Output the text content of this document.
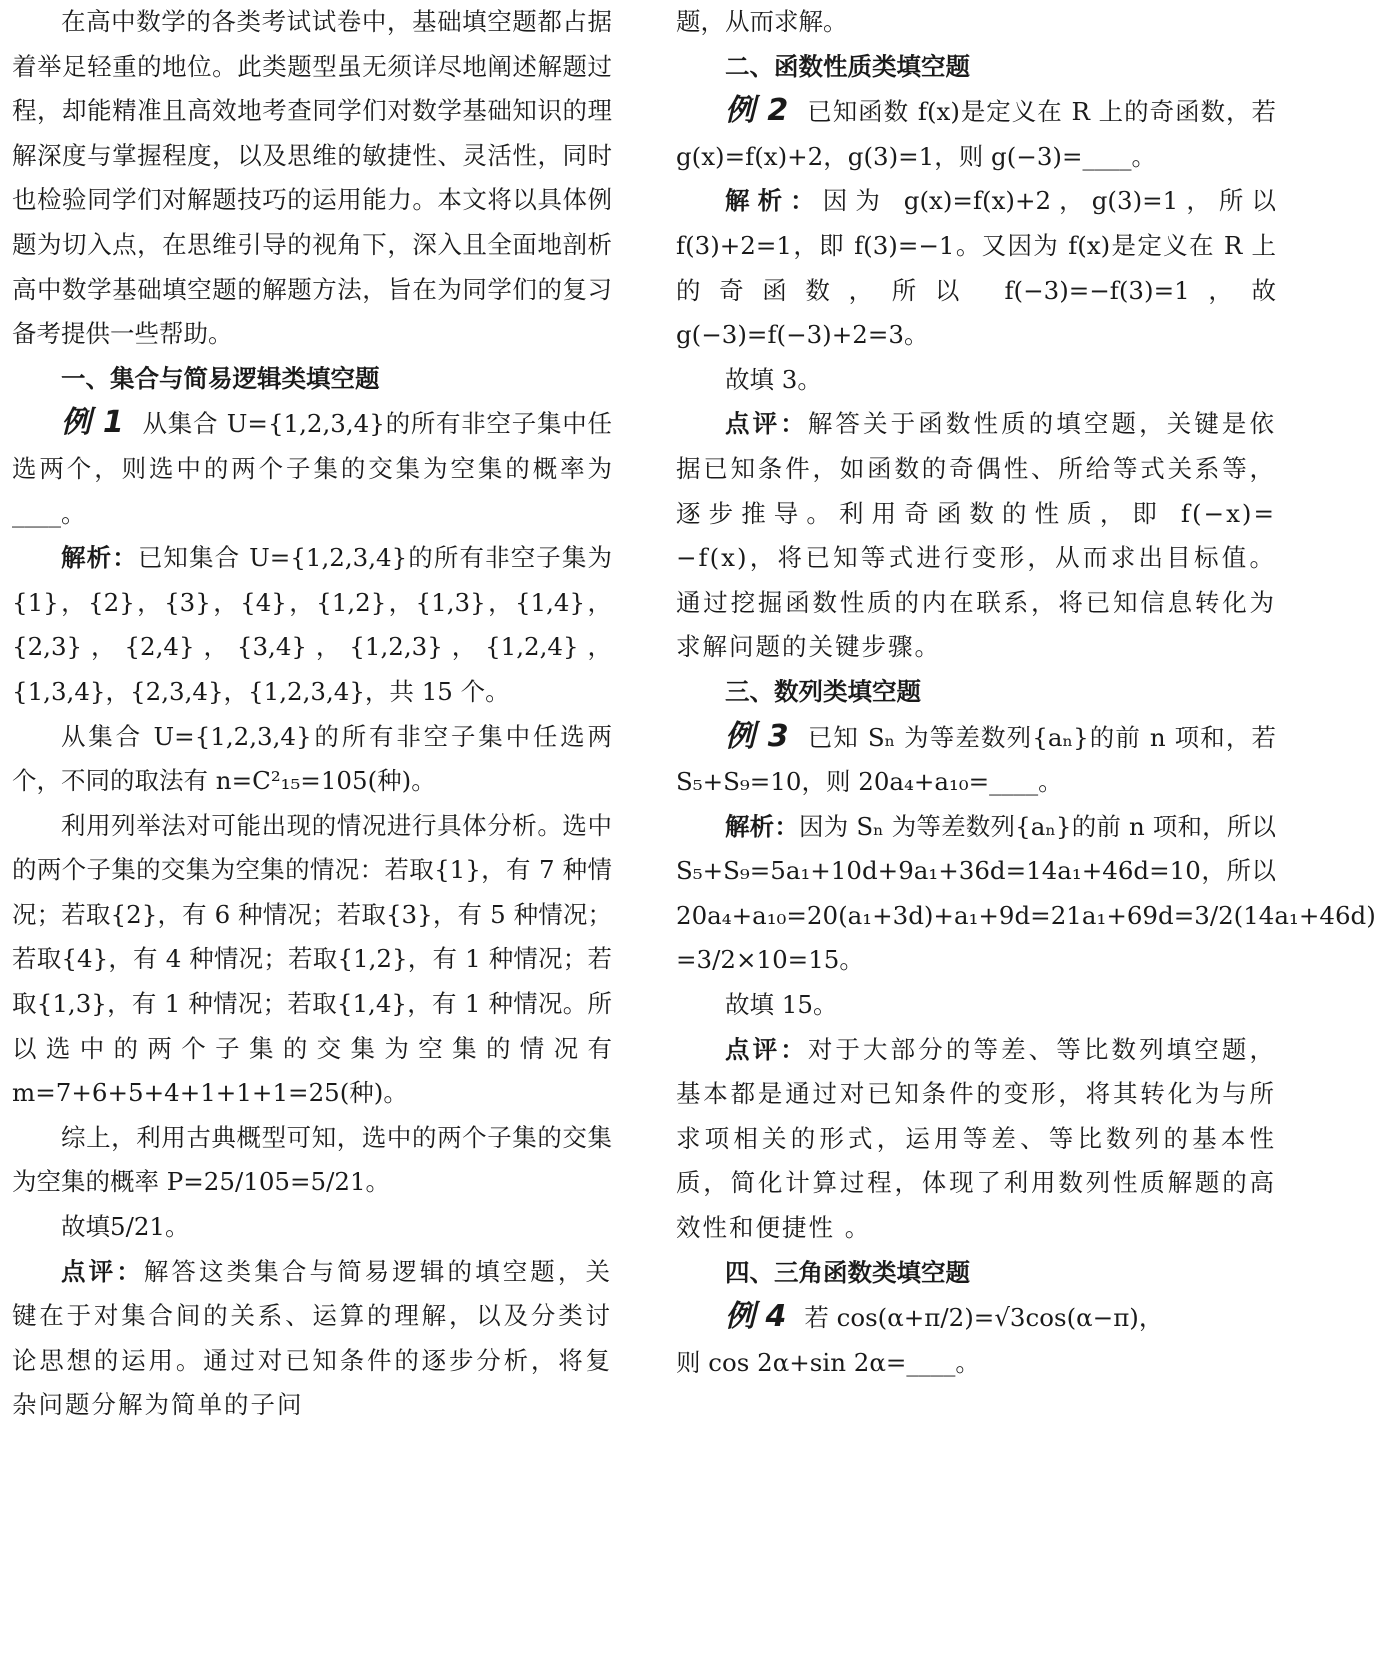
在高中数学的各类考试试卷中，基础填空题都占据着举足轻重的地位。此类题型虽无须详尽地阐述解题过程，却能精准且高效地考查同学们对数学基础知识的理解深度与掌握程度，以及思维的敏捷性、灵活性，同时也检验同学们对解题技巧的运用能力。本文将以具体例题为切入点，在思维引导的视角下，深入且全面地剖析高中数学基础填空题的解题方法，旨在为同学们的复习备考提供一些帮助。

一、集合与简易逻辑类填空题

例 1 从集合 U={1,2,3,4}的所有非空子集中任选两个，则选中的两个子集的交集为空集的概率为____。

解析：已知集合 U={1,2,3,4}的所有非空子集为{1}，{2}，{3}，{4}，{1,2}，{1,3}，{1,4}，{2,3}，{2,4}，{3,4}，{1,2,3}，{1,2,4}，{1,3,4}，{2,3,4}，{1,2,3,4}，共 15 个。

从集合 U={1,2,3,4}的所有非空子集中任选两个，不同的取法有 n=C²₁₅=105(种)。

利用列举法对可能出现的情况进行具体分析。选中的两个子集的交集为空集的情况：若取{1}，有 7 种情况；若取{2}，有 6 种情况；若取{3}，有 5 种情况；若取{4}，有 4 种情况；若取{1,2}，有 1 种情况；若取{1,3}，有 1 种情况；若取{1,4}，有 1 种情况。所以选中的两个子集的交集为空集的情况有 m=7+6+5+4+1+1+1=25(种)。

综上，利用古典概型可知，选中的两个子集的交集为空集的概率 P=25/105=5/21。

故填5/21。

点评：解答这类集合与简易逻辑的填空题，关键在于对集合间的关系、运算的理解，以及分类讨论思想的运用。通过对已知条件的逐步分析，将复杂问题分解为简单的子问

题，从而求解。

二、函数性质类填空题

例 2 已知函数 f(x)是定义在 R 上的奇函数，若 g(x)=f(x)+2，g(3)=1，则 g(−3)=____。

解析：因为 g(x)=f(x)+2，g(3)=1，所以 f(3)+2=1，即 f(3)=−1。又因为 f(x)是定义在 R 上的奇函数，所以 f(−3)=−f(3)=1，故 g(−3)=f(−3)+2=3。

故填 3。

点评：解答关于函数性质的填空题，关键是依据已知条件，如函数的奇偶性、所给等式关系等，逐步推导。利用奇函数的性质，即 f(−x)= −f(x)，将已知等式进行变形，从而求出目标值。通过挖掘函数性质的内在联系，将已知信息转化为求解问题的关键步骤。

三、数列类填空题

例 3 已知 Sₙ 为等差数列{aₙ}的前 n 项和，若 S₅+S₉=10，则 20a₄+a₁₀=____。

解析：因为 Sₙ 为等差数列{aₙ}的前 n 项和，所以 S₅+S₉=5a₁+10d+9a₁+36d=14a₁+46d=10，所以 20a₄+a₁₀=20(a₁+3d)+a₁+9d=21a₁+69d=3/2(14a₁+46d)

=3/2×10=15。

故填 15。

点评：对于大部分的等差、等比数列填空题，基本都是通过对已知条件的变形，将其转化为与所求项相关的形式，运用等差、等比数列的基本性质，简化计算过程，体现了利用数列性质解题的高效性和便捷性 。

四、三角函数类填空题

例 4 若 cos(α+π/2)=√3cos(α−π)，

则 cos 2α+sin 2α=____。
